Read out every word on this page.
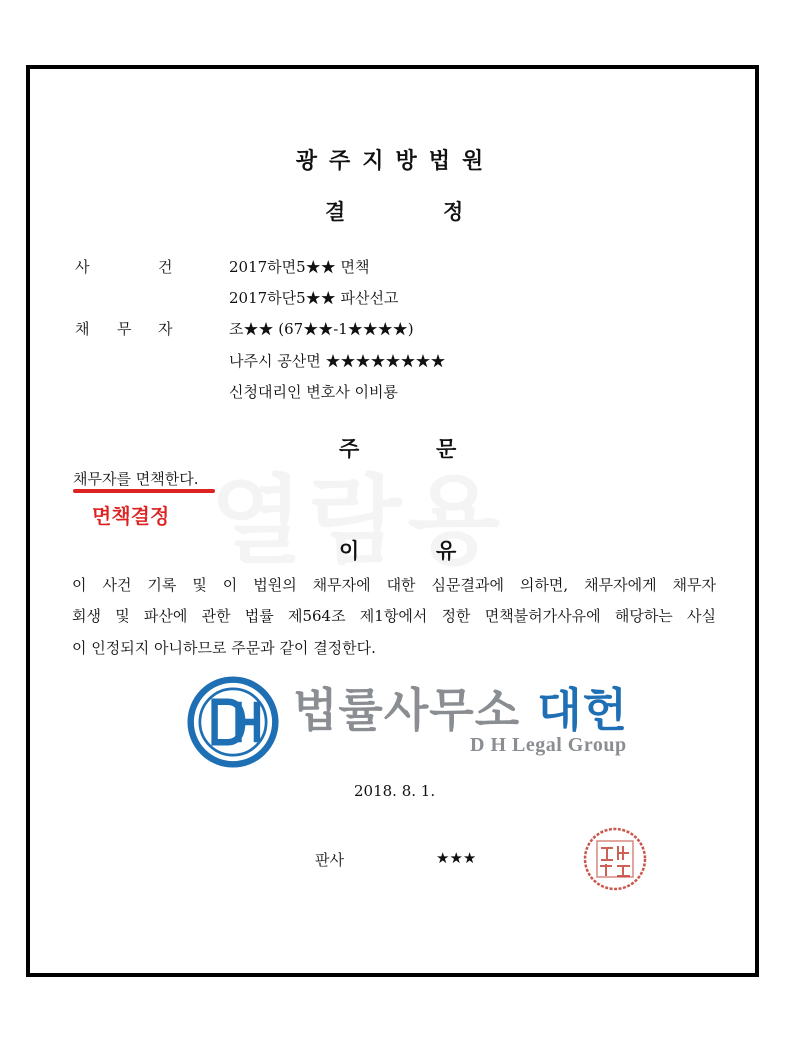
광주지방법원
결	정
사	건	2017하면5★★ 면책
2017하단5★★ 파산선고
채 무 자	조★★ (67★★-1★★★★)
나주시 공산면 ★★★★★★★★
신청대리인 변호사 이비룡
주	문
채무자를 면책한다.
면책결정
이	유
이 사건 기록 및 이 법원의 채무자에 대한 심문결과에 의하면, 채무자에게 채무자
회생 및 파산에 관한 법률 제564조 제1항에서 정한 면책불허가사유에 해당하는 사실
이 인정되지 아니하므로 주문과 같이 결정한다.
법률사무소 대헌
D H Legal Group
2018. 8. 1.
판사	★★★
